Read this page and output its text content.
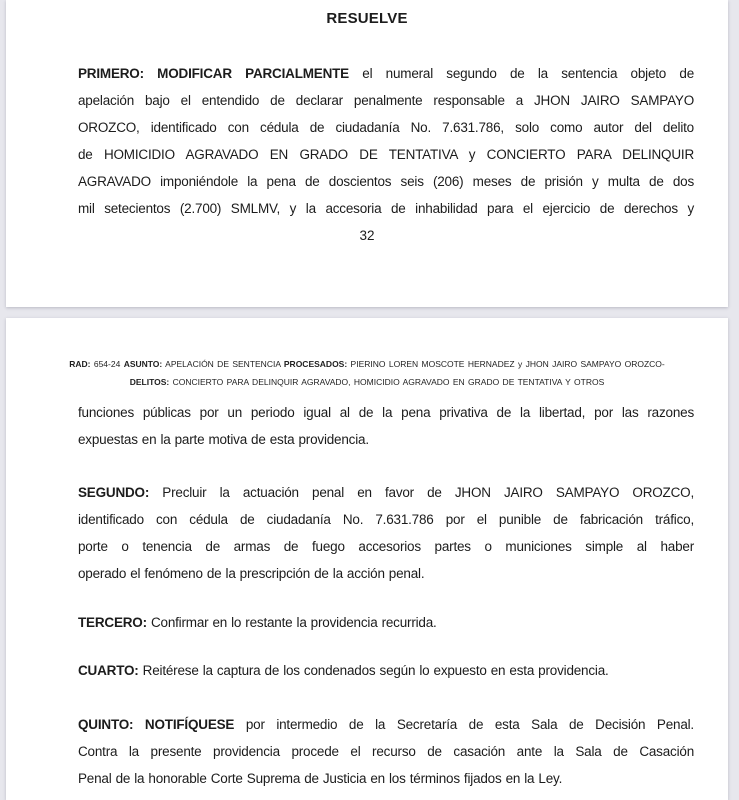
RESUELVE
PRIMERO: MODIFICAR PARCIALMENTE el numeral segundo de la sentencia objeto de
apelación bajo el entendido de declarar penalmente responsable a JHON JAIRO SAMPAYO
OROZCO, identificado con cédula de ciudadanía No. 7.631.786, solo como autor del delito
de HOMICIDIO AGRAVADO EN GRADO DE TENTATIVA y CONCIERTO PARA DELINQUIR
AGRAVADO imponiéndole la pena de doscientos seis (206) meses de prisión y multa de dos
mil setecientos (2.700) SMLMV, y la accesoria de inhabilidad para el ejercicio de derechos y
32
RAD: 654-24 ASUNTO: APELACIÓN DE SENTENCIA PROCESADOS: PIERINO LOREN MOSCOTE HERNADEZ y JHON JAIRO SAMPAYO OROZCO-
DELITOS: CONCIERTO PARA DELINQUIR AGRAVADO, HOMICIDIO AGRAVADO EN GRADO DE TENTATIVA Y OTROS
funciones públicas por un periodo igual al de la pena privativa de la libertad, por las razones
expuestas en la parte motiva de esta providencia.
SEGUNDO: Precluir la actuación penal en favor de JHON JAIRO SAMPAYO OROZCO,
identificado con cédula de ciudadanía No. 7.631.786 por el punible de fabricación tráfico,
porte o tenencia de armas de fuego accesorios partes o municiones simple al haber
operado el fenómeno de la prescripción de la acción penal.
TERCERO: Confirmar en lo restante la providencia recurrida.
CUARTO: Reitérese la captura de los condenados según lo expuesto en esta providencia.
QUINTO: NOTIFÍQUESE por intermedio de la Secretaría de esta Sala de Decisión Penal.
Contra la presente providencia procede el recurso de casación ante la Sala de Casación
Penal de la honorable Corte Suprema de Justicia en los términos fijados en la Ley.
